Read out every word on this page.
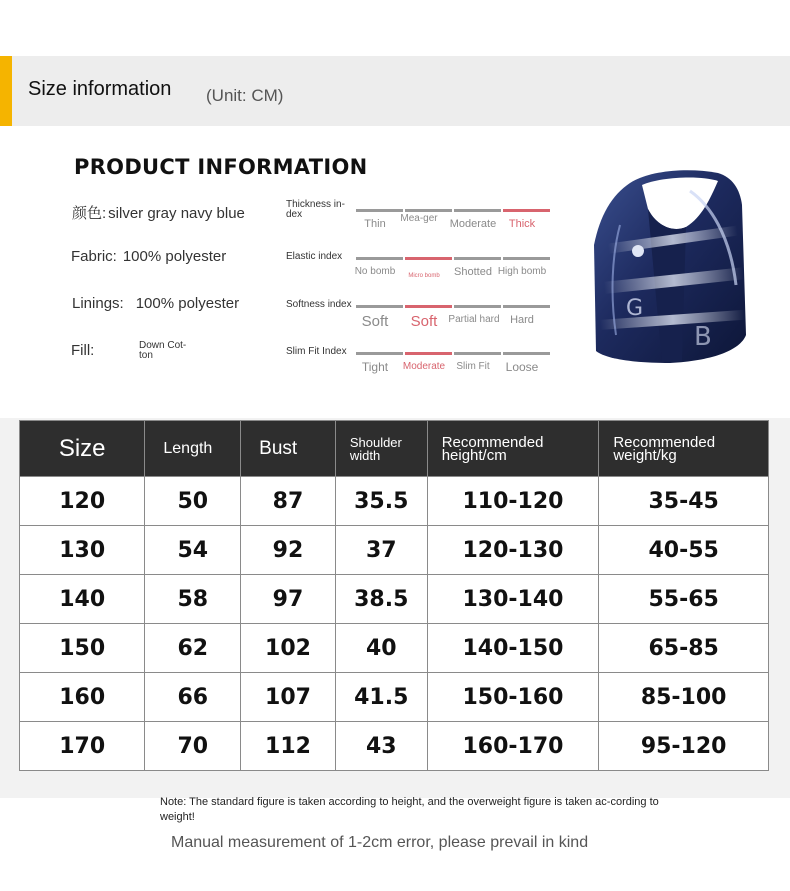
Size information (Unit: CM)
PRODUCT INFORMATION
颜色: silver gray navy blue
Fabric: 100% polyester
Linings: 100% polyester
Fill:	Down Cot-ton
Thickness in-dex
Thin	Mea-ger Moderate	Thick
Elastic index
No bomb	Micro bomb	Shotted High bomb
Softness index
Soft	Soft	Partial hard Hard
Slim Fit Index
Tight	Moderate	Slim Fit	Loose
G
B
Size	Length	Bust	Shoulder width	Recommended height/cm	Recommended weight/kg

120	50	87	35.5	110-120	35-45
130	54	92	37	120-130	40-55
140	58	97	38.5	130-140	55-65
150	62	102	40	140-150	65-85
160	66	107	41.5	150-160	85-100
170	70	112	43	160-170	95-120
Note: The standard figure is taken according to height, and the overweight figure is taken ac-cording to weight!
Manual measurement of 1-2cm error, please prevail in kind
